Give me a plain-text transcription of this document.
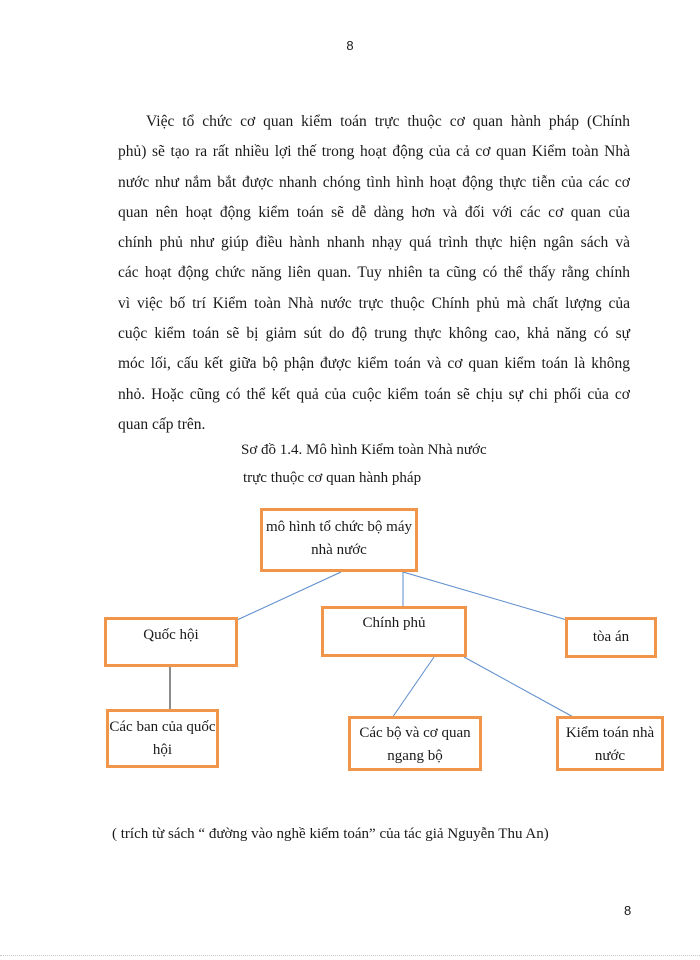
8
Việc tổ chức cơ quan kiểm toán trực thuộc cơ quan hành pháp (Chính
phủ) sẽ tạo ra rất nhiều lợi thế trong hoạt động của cả cơ quan Kiểm toàn Nhà
nước như nắm bắt được nhanh chóng tình hình hoạt động thực tiễn của các cơ
quan nên hoạt động kiểm toán sẽ dễ dàng hơn và đối với các cơ quan của
chính phủ như giúp điều hành nhanh nhạy quá trình thực hiện ngân sách và
các hoạt động chức năng liên quan. Tuy nhiên ta cũng có thể thấy rằng chính
vì việc bố trí Kiểm toàn Nhà nước trực thuộc Chính phủ mà chất lượng của
cuộc kiểm toán sẽ bị giảm sút do độ trung thực không cao, khả năng có sự
móc lối, cấu kết giữa bộ phận được kiểm toán và cơ quan kiểm toán là không
nhỏ. Hoặc cũng có thể kết quả của cuộc kiểm toán sẽ chịu sự chi phối của cơ
quan cấp trên.
Sơ đồ 1.4. Mô hình Kiểm toàn Nhà nước
trực thuộc cơ quan hành pháp
mô hình tổ chức bộ máy nhà nước
Quốc hội
Chính phủ
tòa án
Các ban của quốc hội
Các bộ và cơ quan ngang bộ
Kiểm toán nhà nước
( trích từ sách “ đường vào nghề kiểm toán” của tác giả Nguyễn Thu An)
8
